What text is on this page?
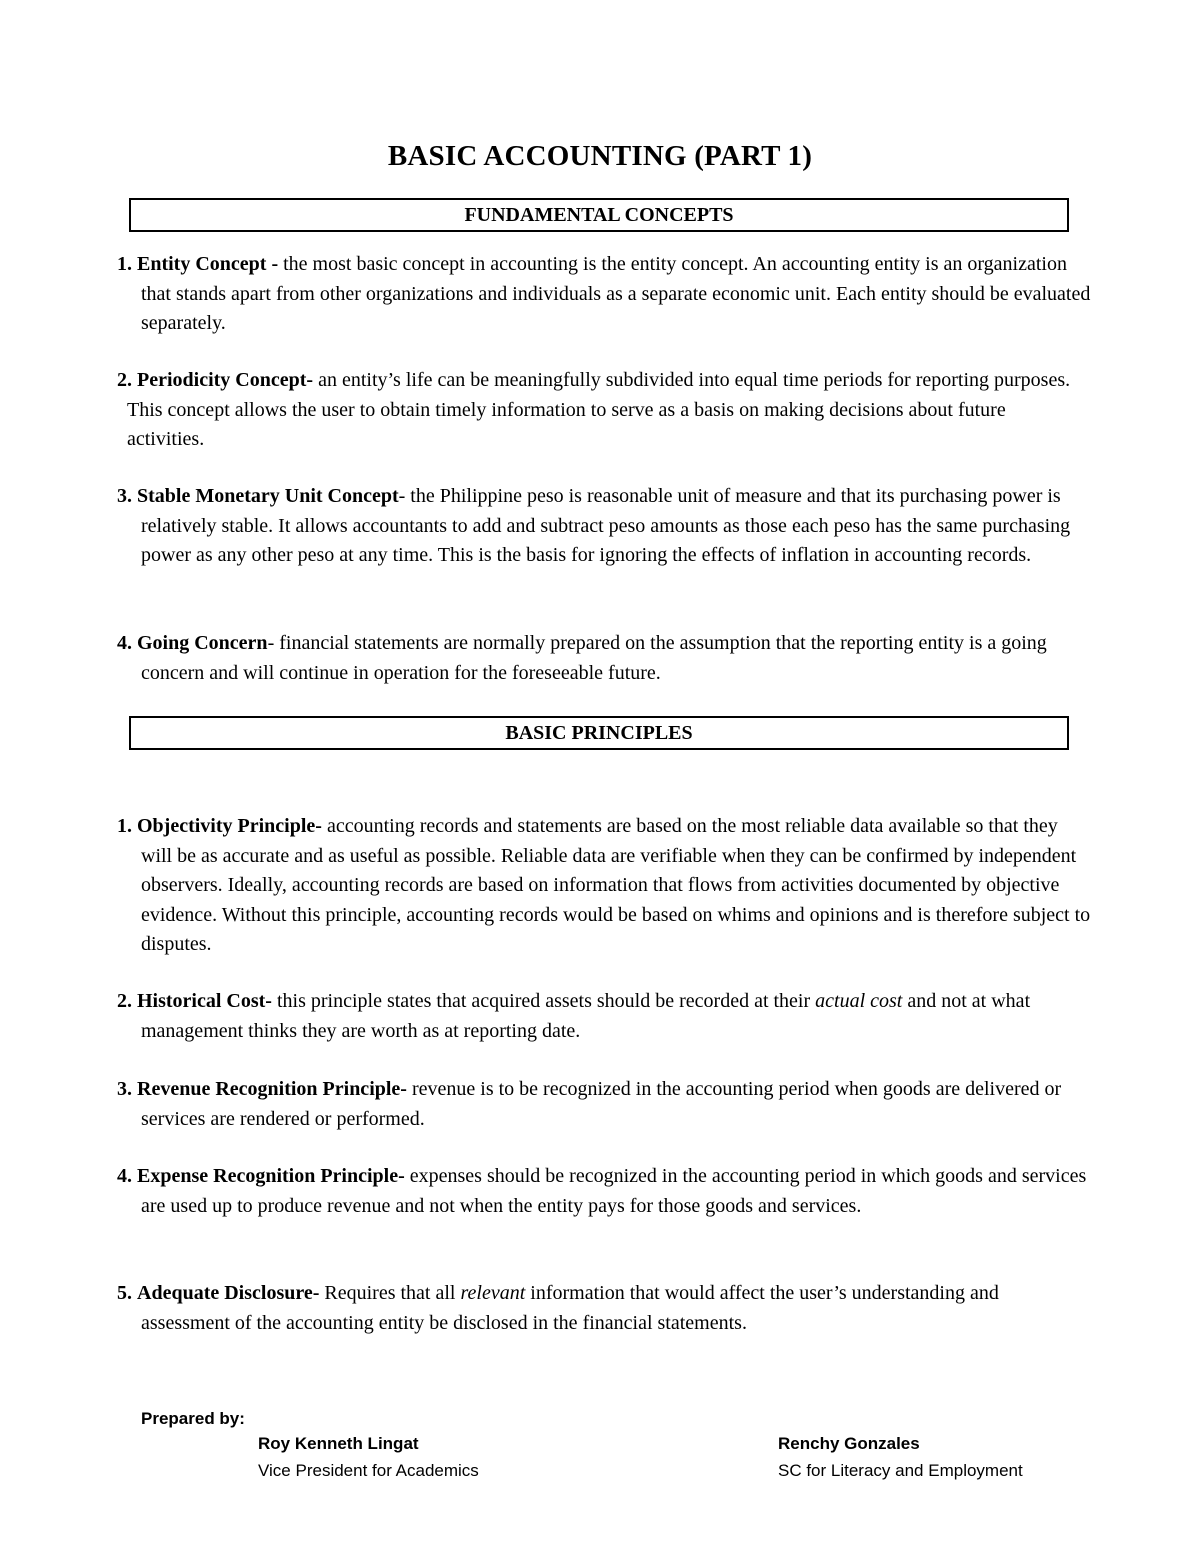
BASIC ACCOUNTING (PART 1)
FUNDAMENTAL CONCEPTS

1. Entity Concept - the most basic concept in accounting is the entity concept. An accounting entity is an organization that stands apart from other organizations and individuals as a separate economic unit. Each entity should be evaluated separately.

2. Periodicity Concept- an entity’s life can be meaningfully subdivided into equal time periods for reporting purposes. This concept allows the user to obtain timely information to serve as a basis on making decisions about future activities.

3. Stable Monetary Unit Concept- the Philippine peso is reasonable unit of measure and that its purchasing power is relatively stable. It allows accountants to add and subtract peso amounts as those each peso has the same purchasing power as any other peso at any time. This is the basis for ignoring the effects of inflation in accounting records.

4. Going Concern- financial statements are normally prepared on the assumption that the reporting entity is a going concern and will continue in operation for the foreseeable future.

BASIC PRINCIPLES

1. Objectivity Principle- accounting records and statements are based on the most reliable data available so that they will be as accurate and as useful as possible. Reliable data are verifiable when they can be confirmed by independent observers. Ideally, accounting records are based on information that flows from activities documented by objective evidence. Without this principle, accounting records would be based on whims and opinions and is therefore subject to disputes.

2. Historical Cost- this principle states that acquired assets should be recorded at their actual cost and not at what management thinks they are worth as at reporting date.

3. Revenue Recognition Principle- revenue is to be recognized in the accounting period when goods are delivered or services are rendered or performed.

4. Expense Recognition Principle- expenses should be recognized in the accounting period in which goods and services are used up to produce revenue and not when the entity pays for those goods and services.

5. Adequate Disclosure- Requires that all relevant information that would affect the user’s understanding and assessment of the accounting entity be disclosed in the financial statements.

Prepared by:
Roy Kenneth Lingat
Vice President for Academics
Renchy Gonzales
SC for Literacy and Employment
